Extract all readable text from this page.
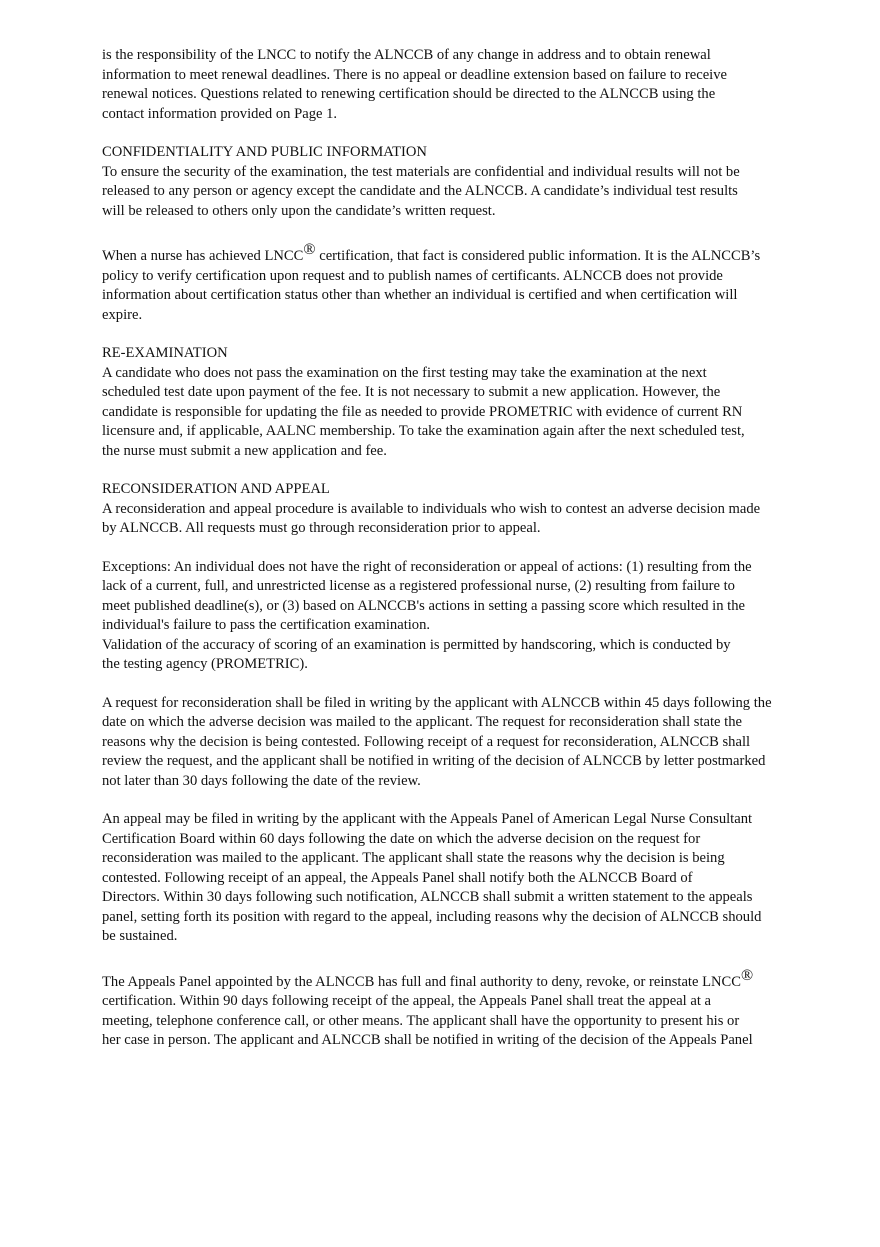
is the responsibility of the LNCC to notify the ALNCCB of any change in address and to obtain renewal
information to meet renewal deadlines. There is no appeal or deadline extension based on failure to receive
renewal notices. Questions related to renewing certification should be directed to the ALNCCB using the
contact information provided on Page 1.
CONFIDENTIALITY AND PUBLIC INFORMATION
To ensure the security of the examination, the test materials are confidential and individual results will not be
released to any person or agency except the candidate and the ALNCCB. A candidate’s individual test results
will be released to others only upon the candidate’s written request.
When a nurse has achieved LNCC® certification, that fact is considered public information. It is the ALNCCB’s
policy to verify certification upon request and to publish names of certificants. ALNCCB does not provide
information about certification status other than whether an individual is certified and when certification will
expire.
RE-EXAMINATION
A candidate who does not pass the examination on the first testing may take the examination at the next
scheduled test date upon payment of the fee. It is not necessary to submit a new application. However, the
candidate is responsible for updating the file as needed to provide PROMETRIC with evidence of current RN
licensure and, if applicable, AALNC membership. To take the examination again after the next scheduled test,
the nurse must submit a new application and fee.
RECONSIDERATION AND APPEAL
A reconsideration and appeal procedure is available to individuals who wish to contest an adverse decision made
by ALNCCB. All requests must go through reconsideration prior to appeal.
Exceptions: An individual does not have the right of reconsideration or appeal of actions: (1) resulting from the
lack of a current, full, and unrestricted license as a registered professional nurse, (2) resulting from failure to
meet published deadline(s), or (3) based on ALNCCB's actions in setting a passing score which resulted in the
individual's failure to pass the certification examination.
Validation of the accuracy of scoring of an examination is permitted by handscoring, which is conducted by
the testing agency (PROMETRIC).
A request for reconsideration shall be filed in writing by the applicant with ALNCCB within 45 days following the
date on which the adverse decision was mailed to the applicant. The request for reconsideration shall state the
reasons why the decision is being contested. Following receipt of a request for reconsideration, ALNCCB shall
review the request, and the applicant shall be notified in writing of the decision of ALNCCB by letter postmarked
not later than 30 days following the date of the review.
An appeal may be filed in writing by the applicant with the Appeals Panel of American Legal Nurse Consultant
Certification Board within 60 days following the date on which the adverse decision on the request for
reconsideration was mailed to the applicant. The applicant shall state the reasons why the decision is being
contested. Following receipt of an appeal, the Appeals Panel shall notify both the ALNCCB Board of
Directors. Within 30 days following such notification, ALNCCB shall submit a written statement to the appeals
panel, setting forth its position with regard to the appeal, including reasons why the decision of ALNCCB should
be sustained.
The Appeals Panel appointed by the ALNCCB has full and final authority to deny, revoke, or reinstate LNCC®
certification. Within 90 days following receipt of the appeal, the Appeals Panel shall treat the appeal at a
meeting, telephone conference call, or other means. The applicant shall have the opportunity to present his or
her case in person. The applicant and ALNCCB shall be notified in writing of the decision of the Appeals Panel
